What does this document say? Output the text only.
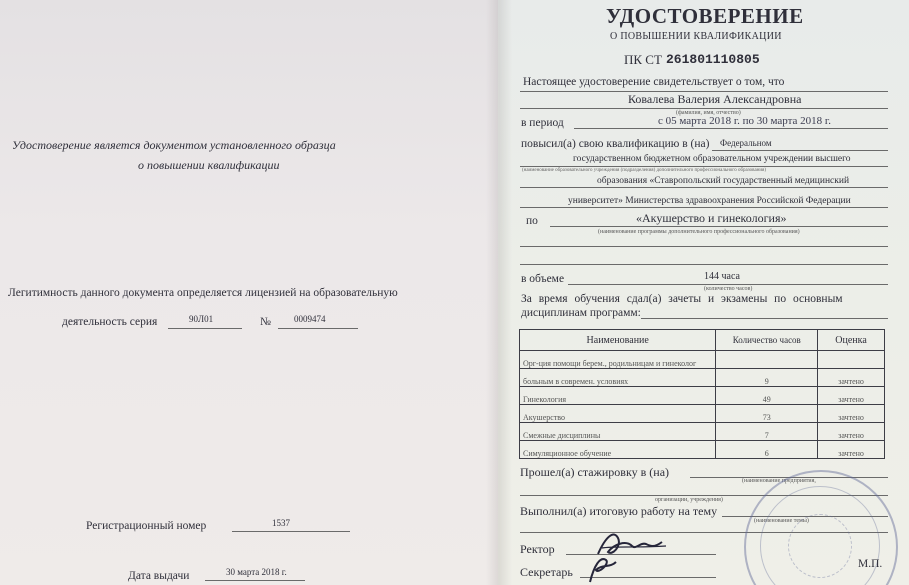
Удостоверение является документом установленного образца
о повышении квалификации
Легитимность данного документа определяется лицензией на образовательную
деятельность серия	90Л01	№	0009474
Регистрационный номер	1537
Дата выдачи	30 марта 2018 г.
УДОСТОВЕРЕНИЕ
О ПОВЫШЕНИИ КВАЛИФИКАЦИИ
ПК СТ 261801110805
Настоящее удостоверение свидетельствует о том, что
Ковалева Валерия Александровна
(фамилия, имя, отчество)
в период	с 05 марта 2018 г. по 30 марта 2018 г.
повысил(а) свою квалификацию в (на) Федеральном
государственном бюджетном образовательном учреждении высшего
(наименование образовательного учреждения (подразделения) дополнительного профессионального образования)
образования «Ставропольский государственный медицинский
университет» Министерства здравоохранения Российской Федерации
по	«Акушерство и гинекология»
(наименование программы дополнительного профессионального образования)
в объеме	144 часа
(количество часов)
За время обучения сдал(а) зачеты и экзамены по основным
дисциплинам программ:
Наименование	Количество часов	Оценка
Орг-ция помощи берем., родильницам и гинеколог		
больным в современ. условиях	9	зачтено
Гинекология	49	зачтено
Акушерство	73	зачтено
Смежные дисциплины	7	зачтено
Симуляционное обучение	6	зачтено
Прошел(а) стажировку в (на)
(наименование предприятия,
организации, учреждения)
Выполнил(а) итоговую работу на тему
(наименование темы)
Ректор
Секретарь
М.П.
